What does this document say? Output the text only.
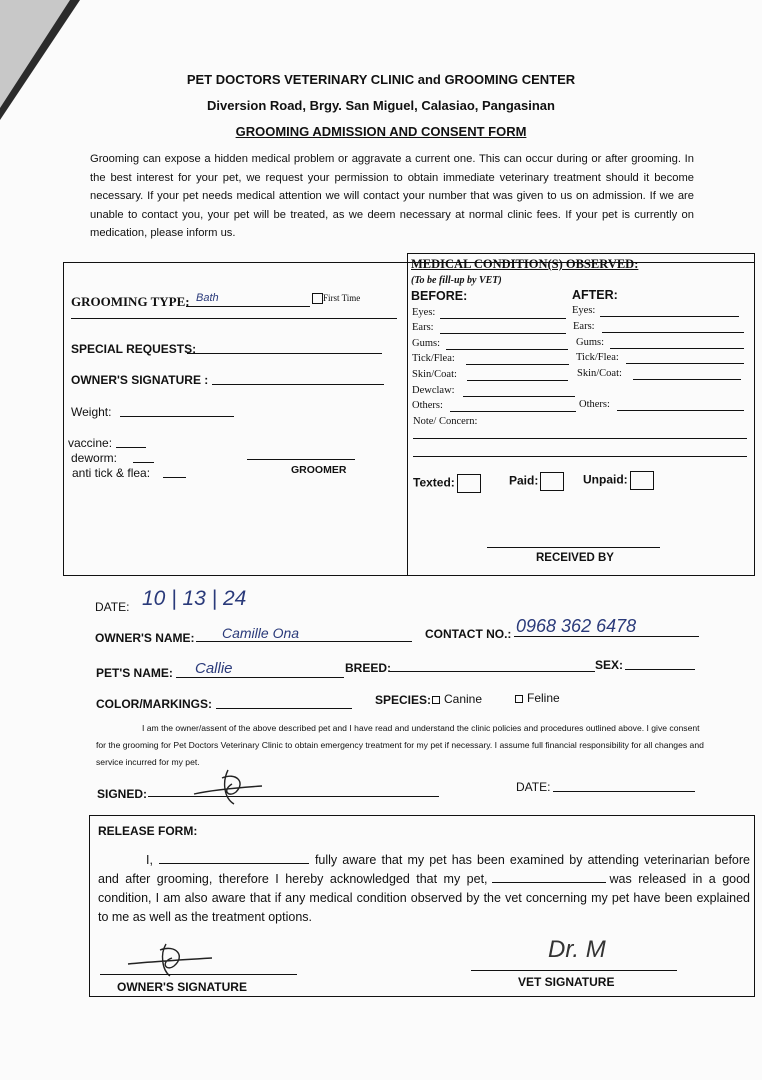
PET DOCTORS VETERINARY CLINIC and GROOMING CENTER
Diversion Road, Brgy. San Miguel, Calasiao, Pangasinan
GROOMING ADMISSION AND CONSENT FORM
Grooming can expose a hidden medical problem or aggravate a current one. This can occur during or after grooming. In the best interest for your pet, we request your permission to obtain immediate veterinary treatment should it become necessary. If your pet needs medical attention we will contact your number that was given to us on admission. If we are unable to contact you, your pet will be treated, as we deem necessary at normal clinic fees. If your pet is currently on medication, please inform us.
GROOMING TYPE: Bath	First Time
SPECIAL REQUESTS:
OWNER'S SIGNATURE :
Weight:
vaccine:
deworm:
anti tick & flea:	GROOMER
MEDICAL CONDITION(S) OBSERVED:
(To be fill-up by VET)
BEFORE:	AFTER:
Eyes:	Eyes:
Ears:	Ears:
Gums:	Gums:
Tick/Flea:	Tick/Flea:
Skin/Coat:	Skin/Coat:
Dewclaw:
Others:	Others:
Note/ Concern:
Texted:	Paid:	Unpaid:
RECEIVED BY
DATE: 10 | 13 | 24
OWNER'S NAME: Camille Ona	CONTACT NO.: 0968 362 6478
PET'S NAME: Callie	BREED:	SEX:
COLOR/MARKINGS:	SPECIES:	Canine	Feline
I am the owner/assent of the above described pet and I have read and understand the clinic policies and procedures outlined above. I give consent for the grooming for Pet Doctors Veterinary Clinic to obtain emergency treatment for my pet if necessary. I assume full financial responsibility for all changes and service incurred for my pet.
SIGNED:	DATE:
RELEASE FORM:
I,	fully aware that my pet has been examined by attending veterinarian before and after grooming, therefore I hereby acknowledged that my pet,	was released in a good condition, I am also aware that if any medical condition observed by the vet concerning my pet have been explained to me as well as the treatment options.
OWNER'S SIGNATURE
Dr. M
VET SIGNATURE
